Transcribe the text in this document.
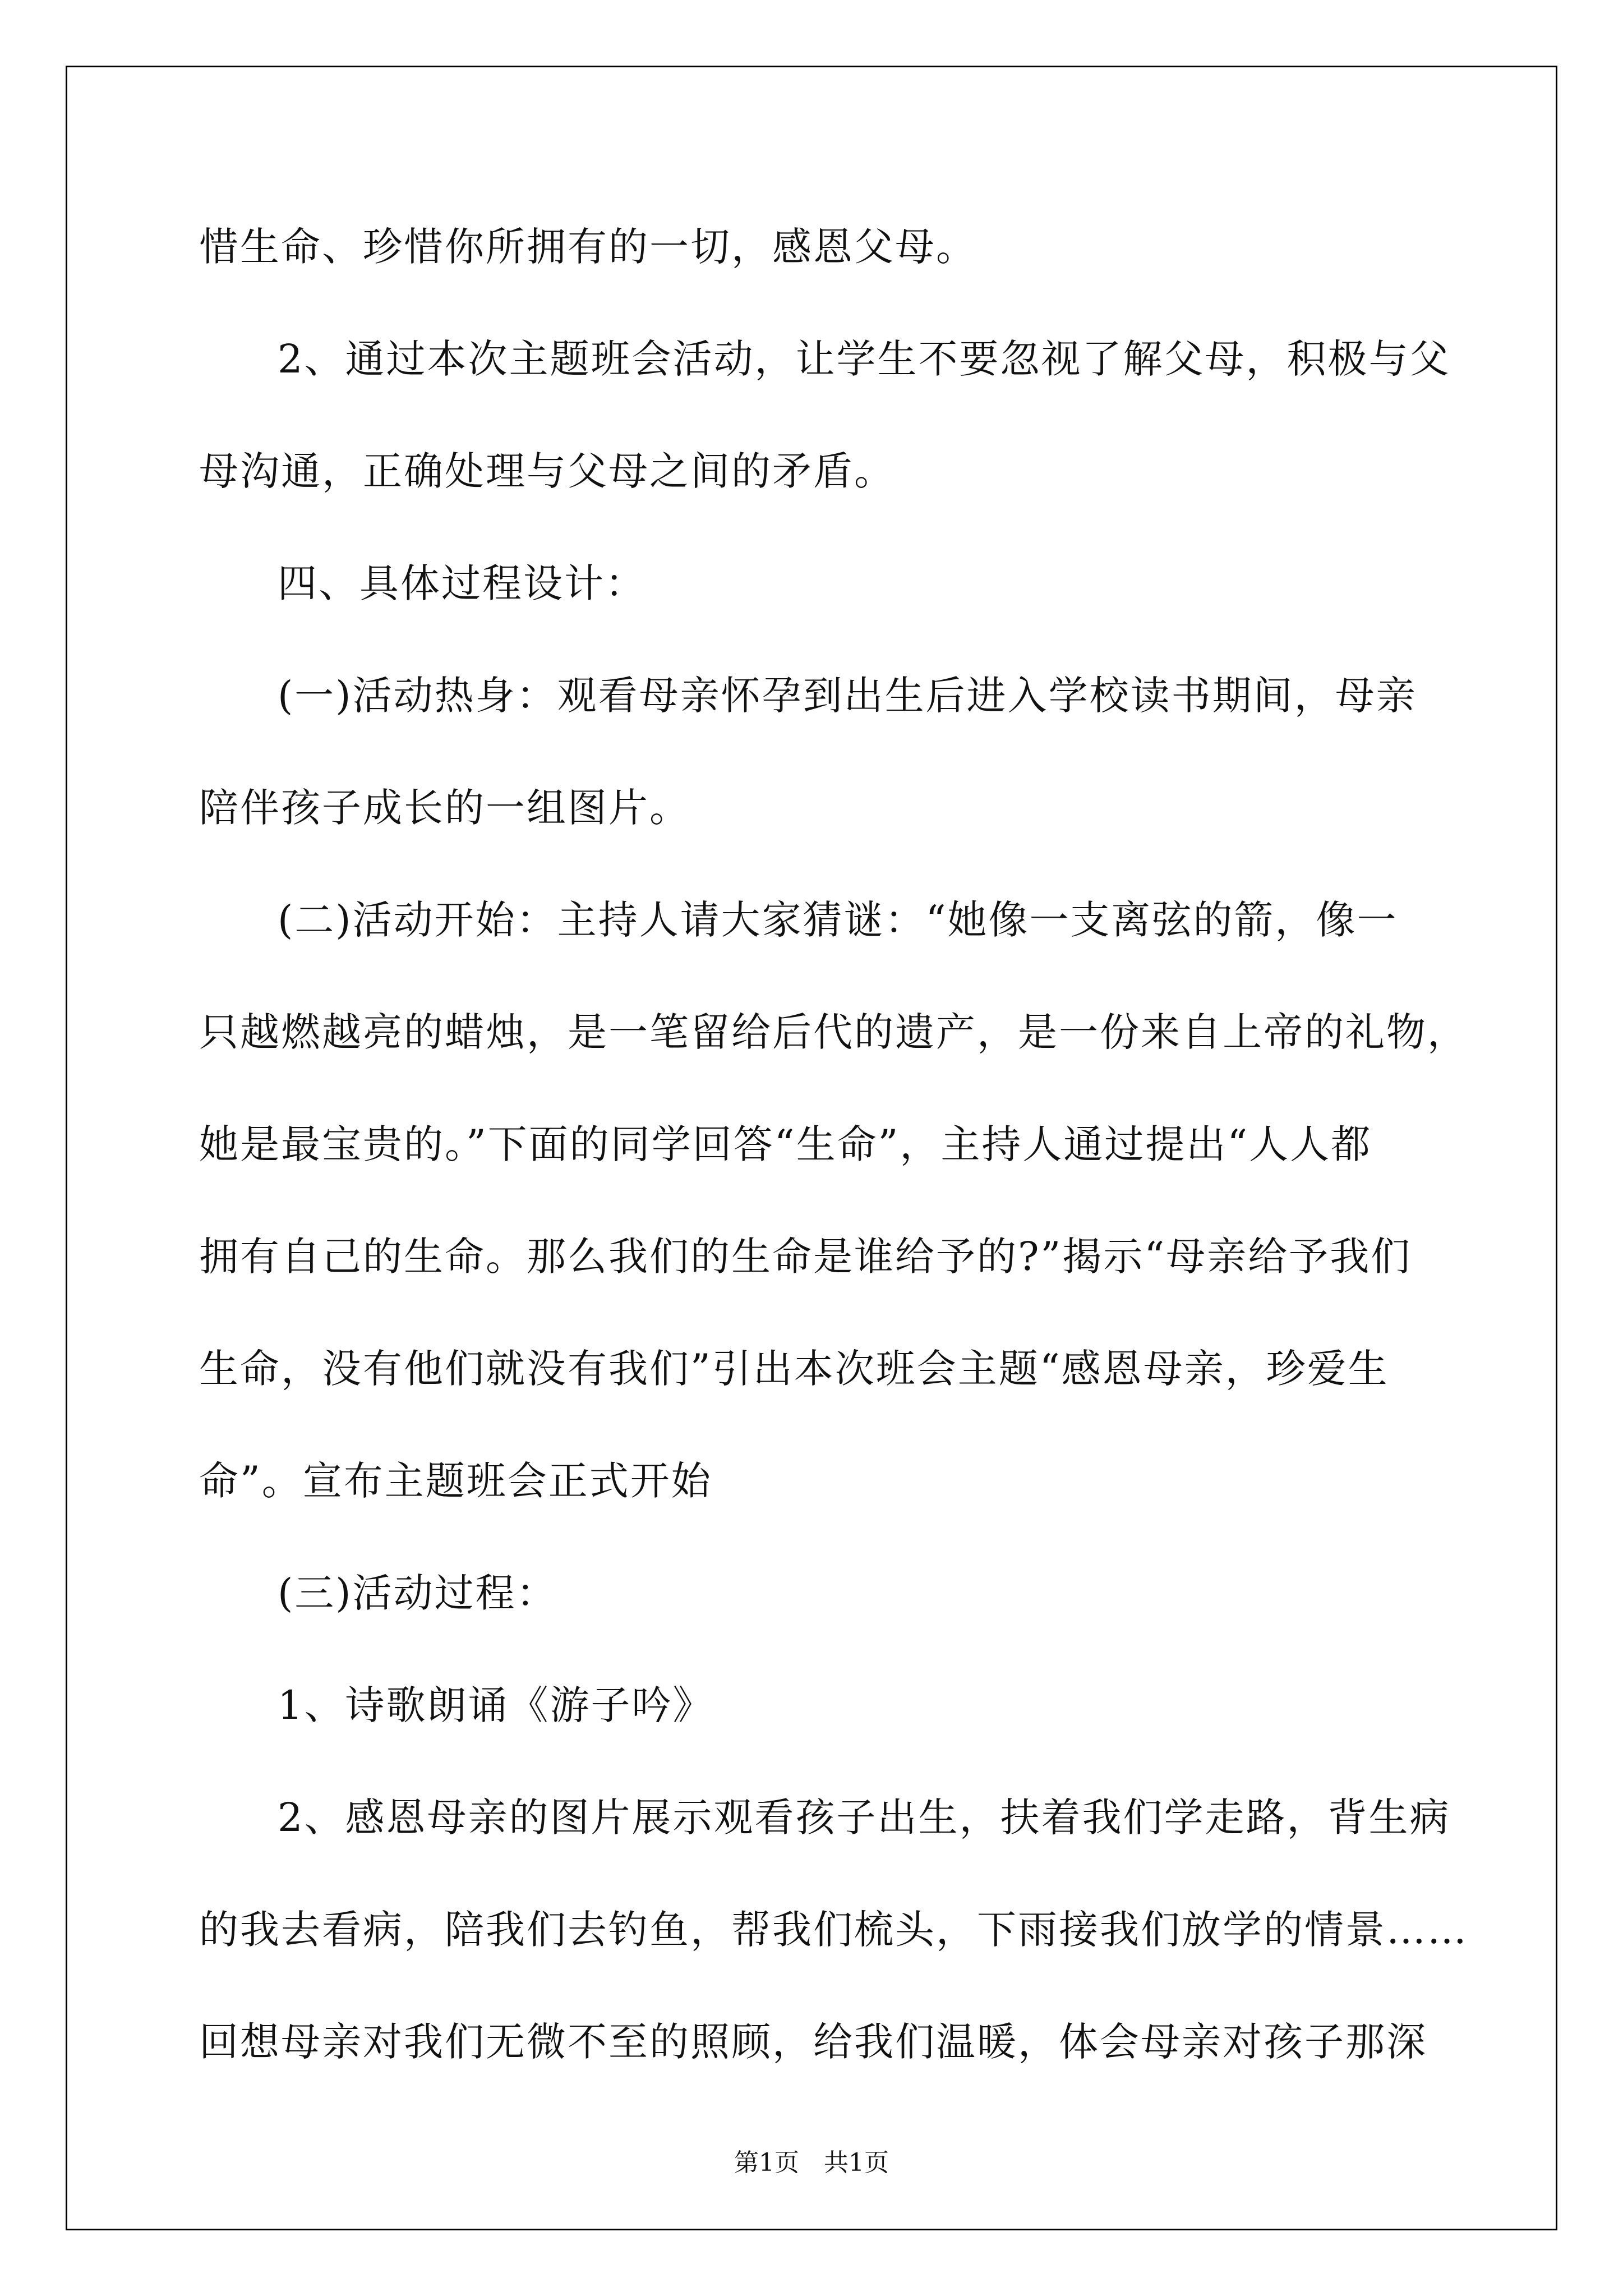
惜生命、珍惜你所拥有的一切，感恩父母。
2、通过本次主题班会活动，让学生不要忽视了解父母，积极与父
母沟通，正确处理与父母之间的矛盾。
四、具体过程设计：
(一)活动热身：观看母亲怀孕到出生后进入学校读书期间，母亲
陪伴孩子成长的一组图片。
(二)活动开始：主持人请大家猜谜：“她像一支离弦的箭，像一
只越燃越亮的蜡烛，是一笔留给后代的遗产，是一份来自上帝的礼物，
她是最宝贵的。”下面的同学回答“生命”，主持人通过提出“人人都
拥有自己的生命。那么我们的生命是谁给予的?”揭示“母亲给予我们
生命，没有他们就没有我们”引出本次班会主题“感恩母亲，珍爱生
命”。宣布主题班会正式开始
(三)活动过程：
1、诗歌朗诵《游子吟》
2、感恩母亲的图片展示观看孩子出生，扶着我们学走路，背生病
的我去看病，陪我们去钓鱼，帮我们梳头，下雨接我们放学的情景……
回想母亲对我们无微不至的照顾，给我们温暖，体会母亲对孩子那深
第1页 共1页
